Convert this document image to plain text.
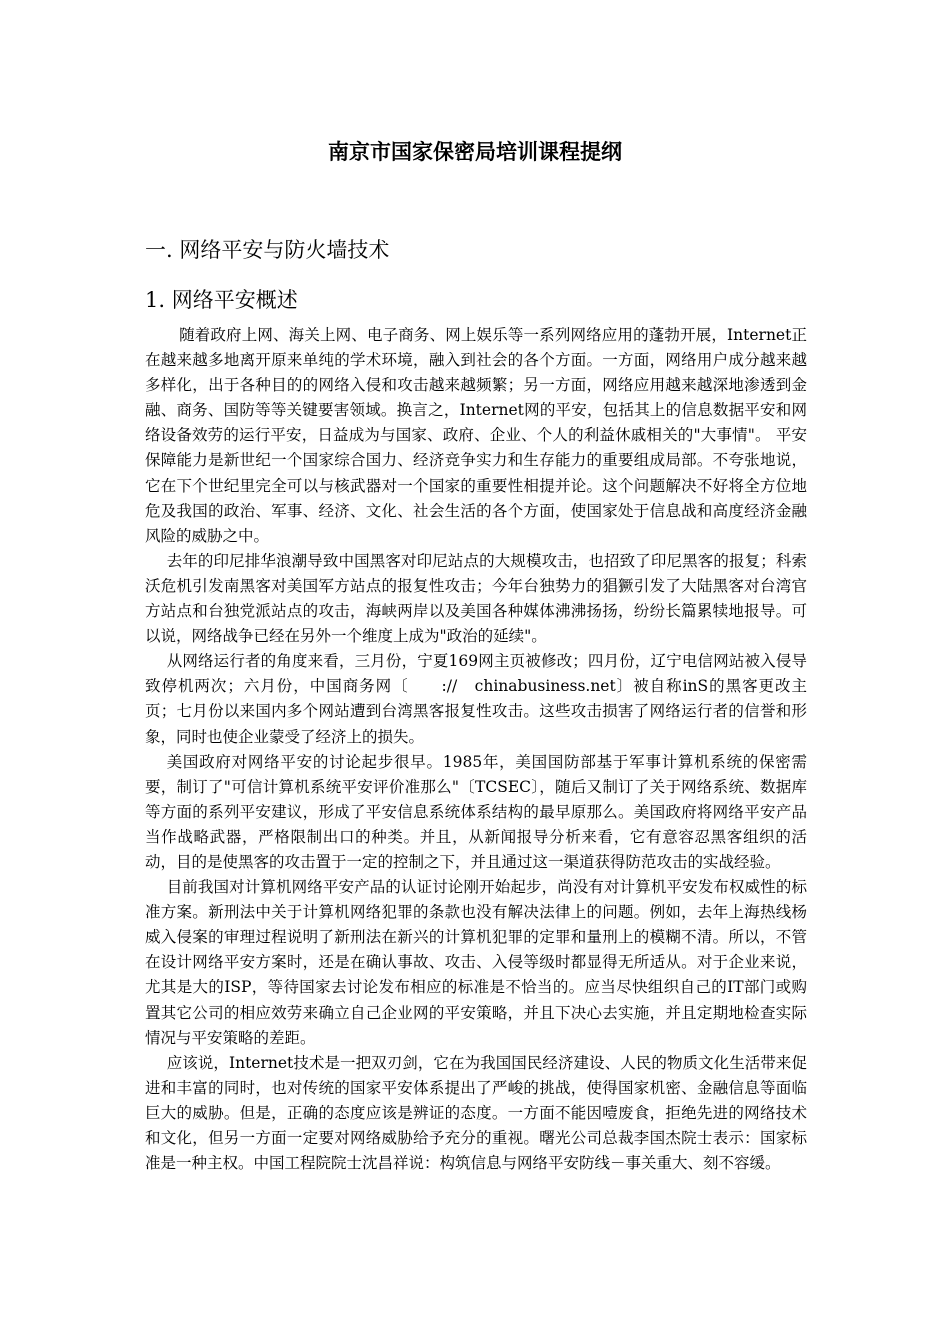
南京市国家保密局培训课程提纲
一. 网络平安与防火墙技术
1. 网络平安概述

随着政府上网、海关上网、电子商务、网上娱乐等一系列网络应用的蓬勃开展，Internet正在越来越多地离开原来单纯的学术环境，融入到社会的各个方面。一方面，网络用户成分越来越多样化，出于各种目的的网络入侵和攻击越来越频繁；另一方面，网络应用越来越深地渗透到金融、商务、国防等等关键要害领域。换言之，Internet网的平安，包括其上的信息数据平安和网络设备效劳的运行平安，日益成为与国家、政府、企业、个人的利益休戚相关的"大事情"。 平安保障能力是新世纪一个国家综合国力、经济竞争实力和生存能力的重要组成局部。不夸张地说，它在下个世纪里完全可以与核武器对一个国家的重要性相提并论。这个问题解决不好将全方位地危及我国的政治、军事、经济、文化、社会生活的各个方面，使国家处于信息战和高度经济金融风险的威胁之中。

去年的印尼排华浪潮导致中国黑客对印尼站点的大规模攻击，也招致了印尼黑客的报复；科索沃危机引发南黑客对美国军方站点的报复性攻击；今年台独势力的猖獗引发了大陆黑客对台湾官方站点和台独党派站点的攻击，海峡两岸以及美国各种媒体沸沸扬扬，纷纷长篇累犊地报导。可以说，网络战争已经在另外一个维度上成为"政治的延续"。

从网络运行者的角度来看，三月份，宁夏169网主页被修改；四月份，辽宁电信网站被入侵导致停机两次；六月份，中国商务网〔　　://　chinabusiness.net〕被自称inS的黑客更改主页；七月份以来国内多个网站遭到台湾黑客报复性攻击。这些攻击损害了网络运行者的信誉和形象，同时也使企业蒙受了经济上的损失。

美国政府对网络平安的讨论起步很早。1985年，美国国防部基于军事计算机系统的保密需要，制订了"可信计算机系统平安评价准那么"〔TCSEC〕，随后又制订了关于网络系统、数据库等方面的系列平安建议，形成了平安信息系统体系结构的最早原那么。美国政府将网络平安产品当作战略武器，严格限制出口的种类。并且，从新闻报导分析来看，它有意容忍黑客组织的活动，目的是使黑客的攻击置于一定的控制之下，并且通过这一渠道获得防范攻击的实战经验。

目前我国对计算机网络平安产品的认证讨论刚开始起步，尚没有对计算机平安发布权威性的标准方案。新刑法中关于计算机网络犯罪的条款也没有解决法律上的问题。例如，去年上海热线杨威入侵案的审理过程说明了新刑法在新兴的计算机犯罪的定罪和量刑上的模糊不清。所以，不管在设计网络平安方案时，还是在确认事故、攻击、入侵等级时都显得无所适从。对于企业来说，尤其是大的ISP，等待国家去讨论发布相应的标准是不恰当的。应当尽快组织自己的IT部门或购置其它公司的相应效劳来确立自己企业网的平安策略，并且下决心去实施，并且定期地检查实际情况与平安策略的差距。

应该说，Internet技术是一把双刃剑，它在为我国国民经济建设、人民的物质文化生活带来促进和丰富的同时，也对传统的国家平安体系提出了严峻的挑战，使得国家机密、金融信息等面临巨大的威胁。但是，正确的态度应该是辨证的态度。一方面不能因噎废食，拒绝先进的网络技术和文化，但另一方面一定要对网络威胁给予充分的重视。曙光公司总裁李国杰院士表示：国家标准是一种主权。中国工程院院士沈昌祥说：构筑信息与网络平安防线－事关重大、刻不容缓。
